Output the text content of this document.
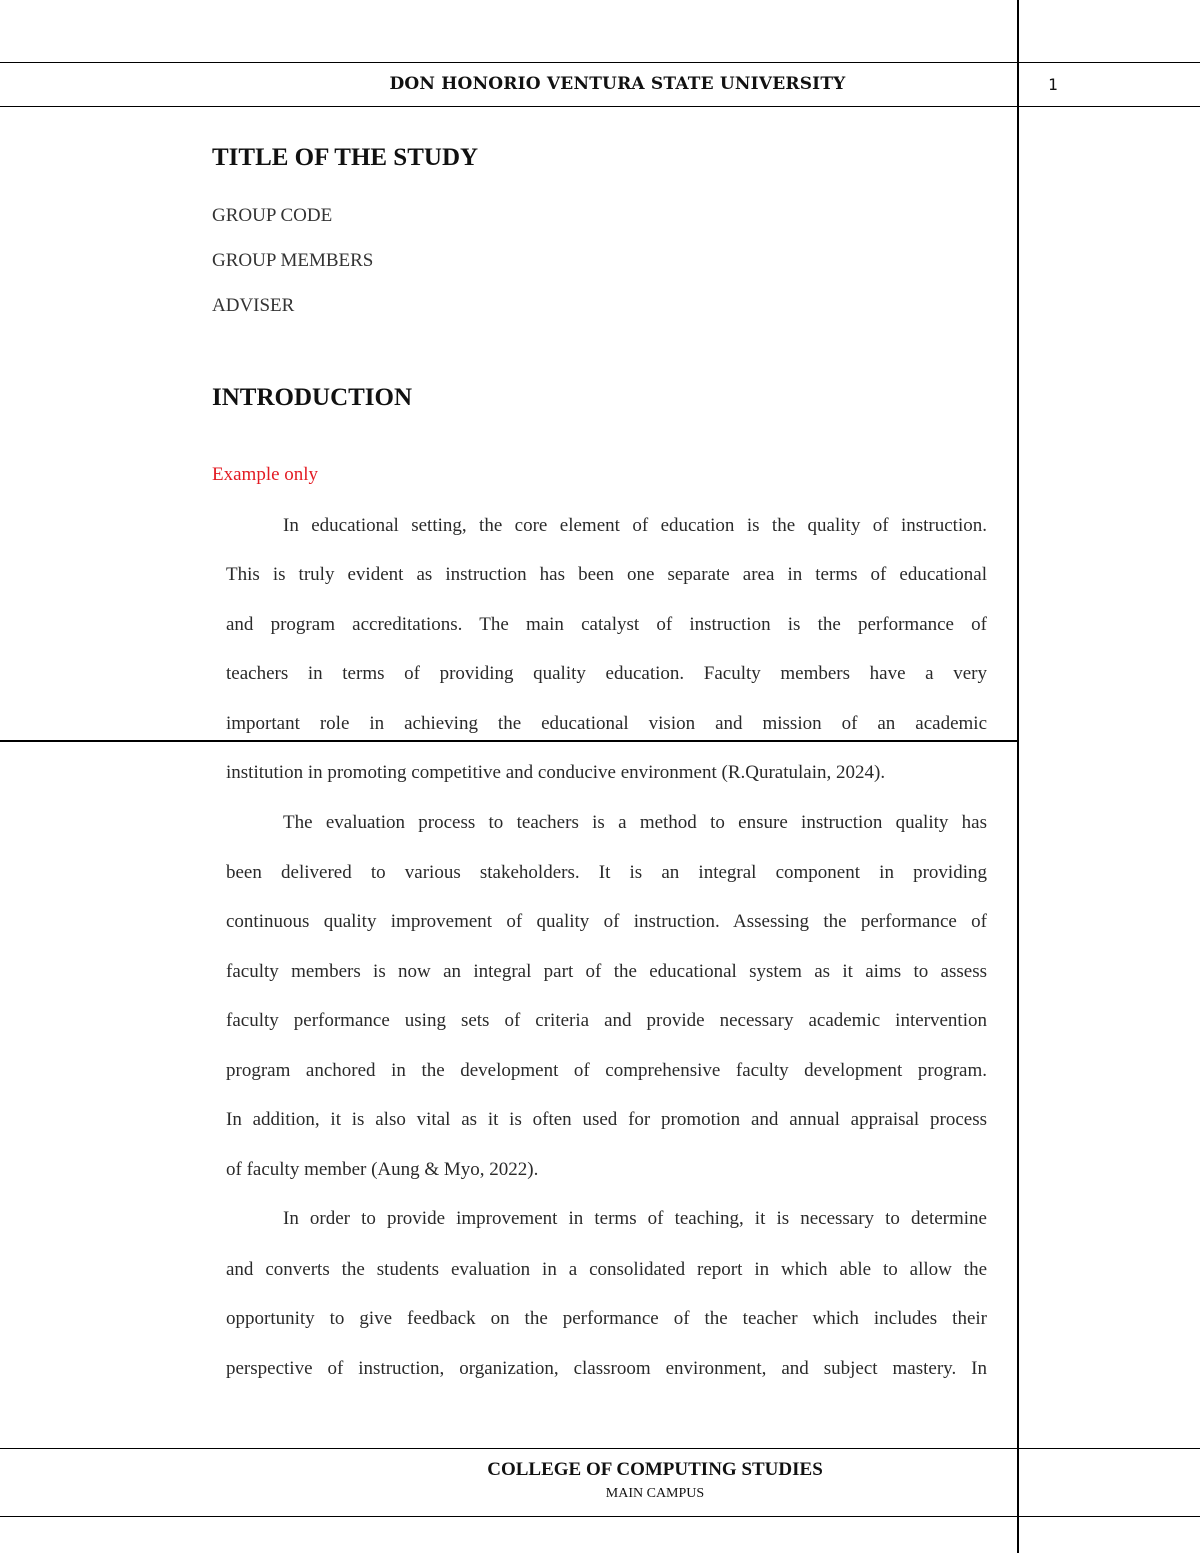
DON HONORIO VENTURA STATE UNIVERSITY	1
TITLE OF THE STUDY
GROUP CODE
GROUP MEMBERS
ADVISER
INTRODUCTION
Example only
In educational setting, the core element of education is the quality of instruction.
This is truly evident as instruction has been one separate area in terms of educational
and program accreditations. The main catalyst of instruction is the performance of
teachers in terms of providing quality education. Faculty members have a very
important role in achieving the educational vision and mission of an academic
institution in promoting competitive and conducive environment (R.Quratulain, 2024).
The evaluation process to teachers is a method to ensure instruction quality has
been delivered to various stakeholders. It is an integral component in providing
continuous quality improvement of quality of instruction. Assessing the performance of
faculty members is now an integral part of the educational system as it aims to assess
faculty performance using sets of criteria and provide necessary academic intervention
program anchored in the development of comprehensive faculty development program.
In addition, it is also vital as it is often used for promotion and annual appraisal process
of faculty member (Aung & Myo, 2022).
In order to provide improvement in terms of teaching, it is necessary to determine
and converts the students evaluation in a consolidated report in which able to allow the
opportunity to give feedback on the performance of the teacher which includes their
perspective of instruction, organization, classroom environment, and subject mastery. In
COLLEGE OF COMPUTING STUDIES
MAIN CAMPUS
